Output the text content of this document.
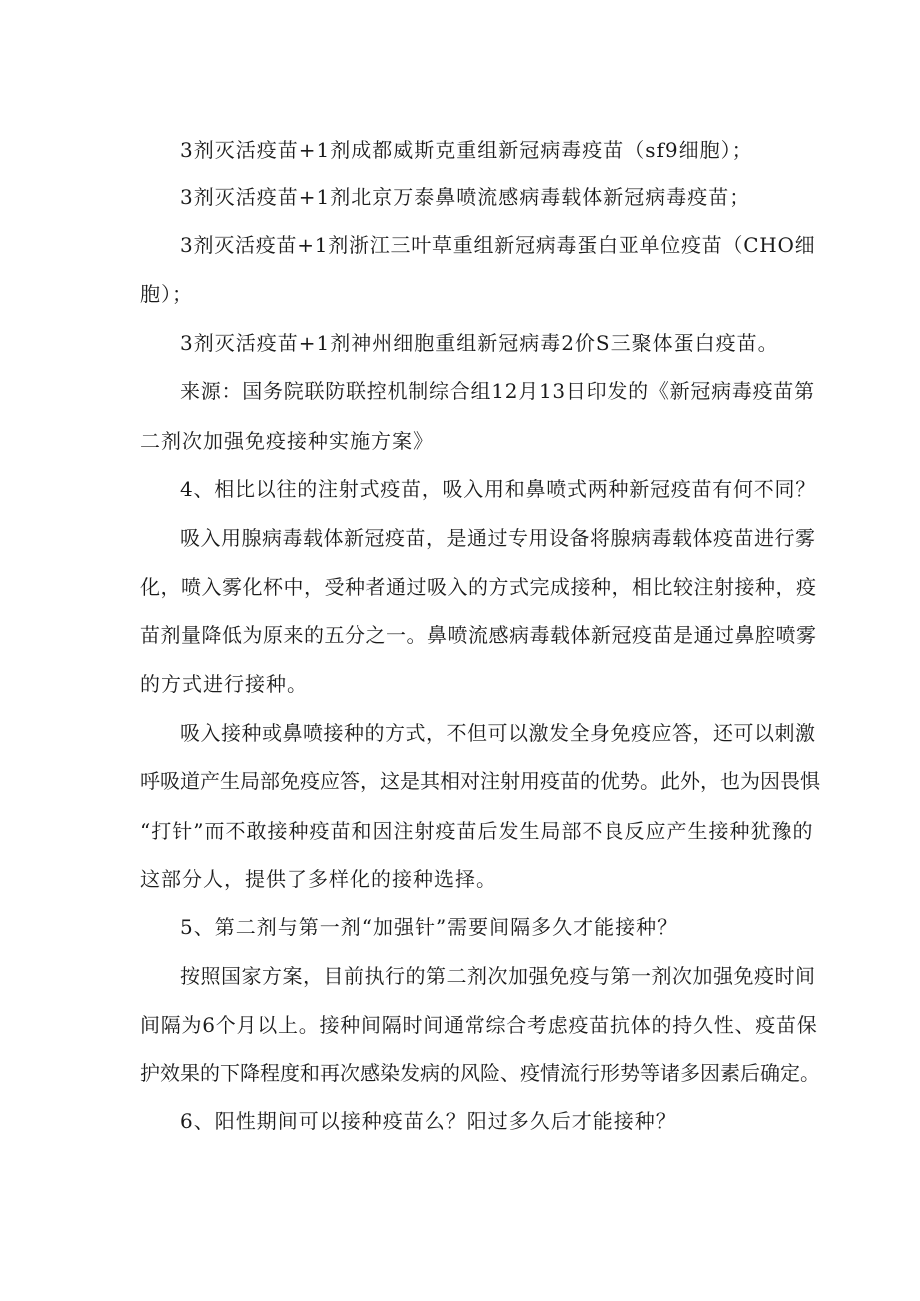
3剂灭活疫苗+1剂成都威斯克重组新冠病毒疫苗（sf9细胞）；
3剂灭活疫苗+1剂北京万泰鼻喷流感病毒载体新冠病毒疫苗；
3剂灭活疫苗+1剂浙江三叶草重组新冠病毒蛋白亚单位疫苗（CHO细
胞）；
3剂灭活疫苗+1剂神州细胞重组新冠病毒2价S三聚体蛋白疫苗。
来源：国务院联防联控机制综合组12月13日印发的《新冠病毒疫苗第
二剂次加强免疫接种实施方案》
4、相比以往的注射式疫苗，吸入用和鼻喷式两种新冠疫苗有何不同？
吸入用腺病毒载体新冠疫苗，是通过专用设备将腺病毒载体疫苗进行雾
化，喷入雾化杯中，受种者通过吸入的方式完成接种，相比较注射接种，疫
苗剂量降低为原来的五分之一。鼻喷流感病毒载体新冠疫苗是通过鼻腔喷雾
的方式进行接种。
吸入接种或鼻喷接种的方式，不但可以激发全身免疫应答，还可以刺激
呼吸道产生局部免疫应答，这是其相对注射用疫苗的优势。此外，也为因畏惧
“打针”而不敢接种疫苗和因注射疫苗后发生局部不良反应产生接种犹豫的
这部分人，提供了多样化的接种选择。
5、第二剂与第一剂“加强针”需要间隔多久才能接种？
按照国家方案，目前执行的第二剂次加强免疫与第一剂次加强免疫时间
间隔为6个月以上。接种间隔时间通常综合考虑疫苗抗体的持久性、疫苗保
护效果的下降程度和再次感染发病的风险、疫情流行形势等诸多因素后确定。
6、阳性期间可以接种疫苗么？阳过多久后才能接种？
